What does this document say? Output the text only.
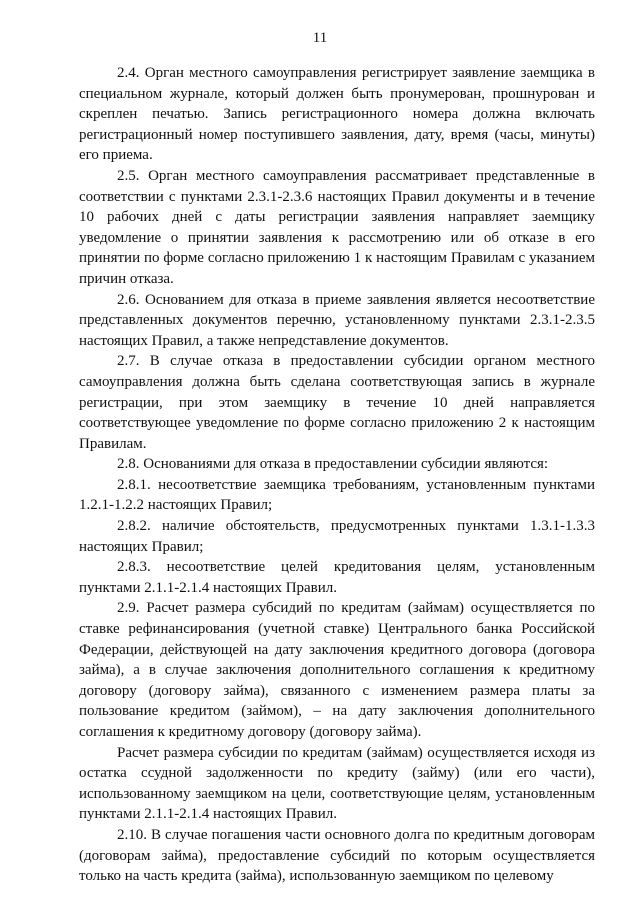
11

2.4. Орган местного самоуправления регистрирует заявление заемщика в специальном журнале, который должен быть пронумерован, прошнурован и скреплен печатью. Запись регистрационного номера должна включать регистрационный номер поступившего заявления, дату, время (часы, минуты) его приема.

2.5. Орган местного самоуправления рассматривает представленные в соответствии с пунктами 2.3.1-2.3.6 настоящих Правил документы и в течение 10 рабочих дней с даты регистрации заявления направляет заемщику уведомление о принятии заявления к рассмотрению или об отказе в его принятии по форме согласно приложению 1 к настоящим Правилам с указанием причин отказа.

2.6. Основанием для отказа в приеме заявления является несоответствие представленных документов перечню, установленному пунктами 2.3.1-2.3.5 настоящих Правил, а также непредставление документов.

2.7. В случае отказа в предоставлении субсидии органом местного самоуправления должна быть сделана соответствующая запись в журнале регистрации, при этом заемщику в течение 10 дней направляется соответствующее уведомление по форме согласно приложению 2 к настоящим Правилам.

2.8. Основаниями для отказа в предоставлении субсидии являются:

2.8.1. несоответствие заемщика требованиям, установленным пунктами 1.2.1-1.2.2 настоящих Правил;

2.8.2. наличие обстоятельств, предусмотренных пунктами 1.3.1-1.3.3 настоящих Правил;

2.8.3. несоответствие целей кредитования целям, установленным пунктами 2.1.1-2.1.4 настоящих Правил.

2.9. Расчет размера субсидий по кредитам (займам) осуществляется по ставке рефинансирования (учетной ставке) Центрального банка Российской Федерации, действующей на дату заключения кредитного договора (договора займа), а в случае заключения дополнительного соглашения к кредитному договору (договору займа), связанного с изменением размера платы за пользование кредитом (займом), – на дату заключения дополнительного соглашения к кредитному договору (договору займа).

Расчет размера субсидии по кредитам (займам) осуществляется исходя из остатка ссудной задолженности по кредиту (займу) (или его части), использованному заемщиком на цели, соответствующие целям, установленным пунктами 2.1.1-2.1.4 настоящих Правил.

2.10. В случае погашения части основного долга по кредитным договорам (договорам займа), предоставление субсидий по которым осуществляется только на часть кредита (займа), использованную заемщиком по целевому
